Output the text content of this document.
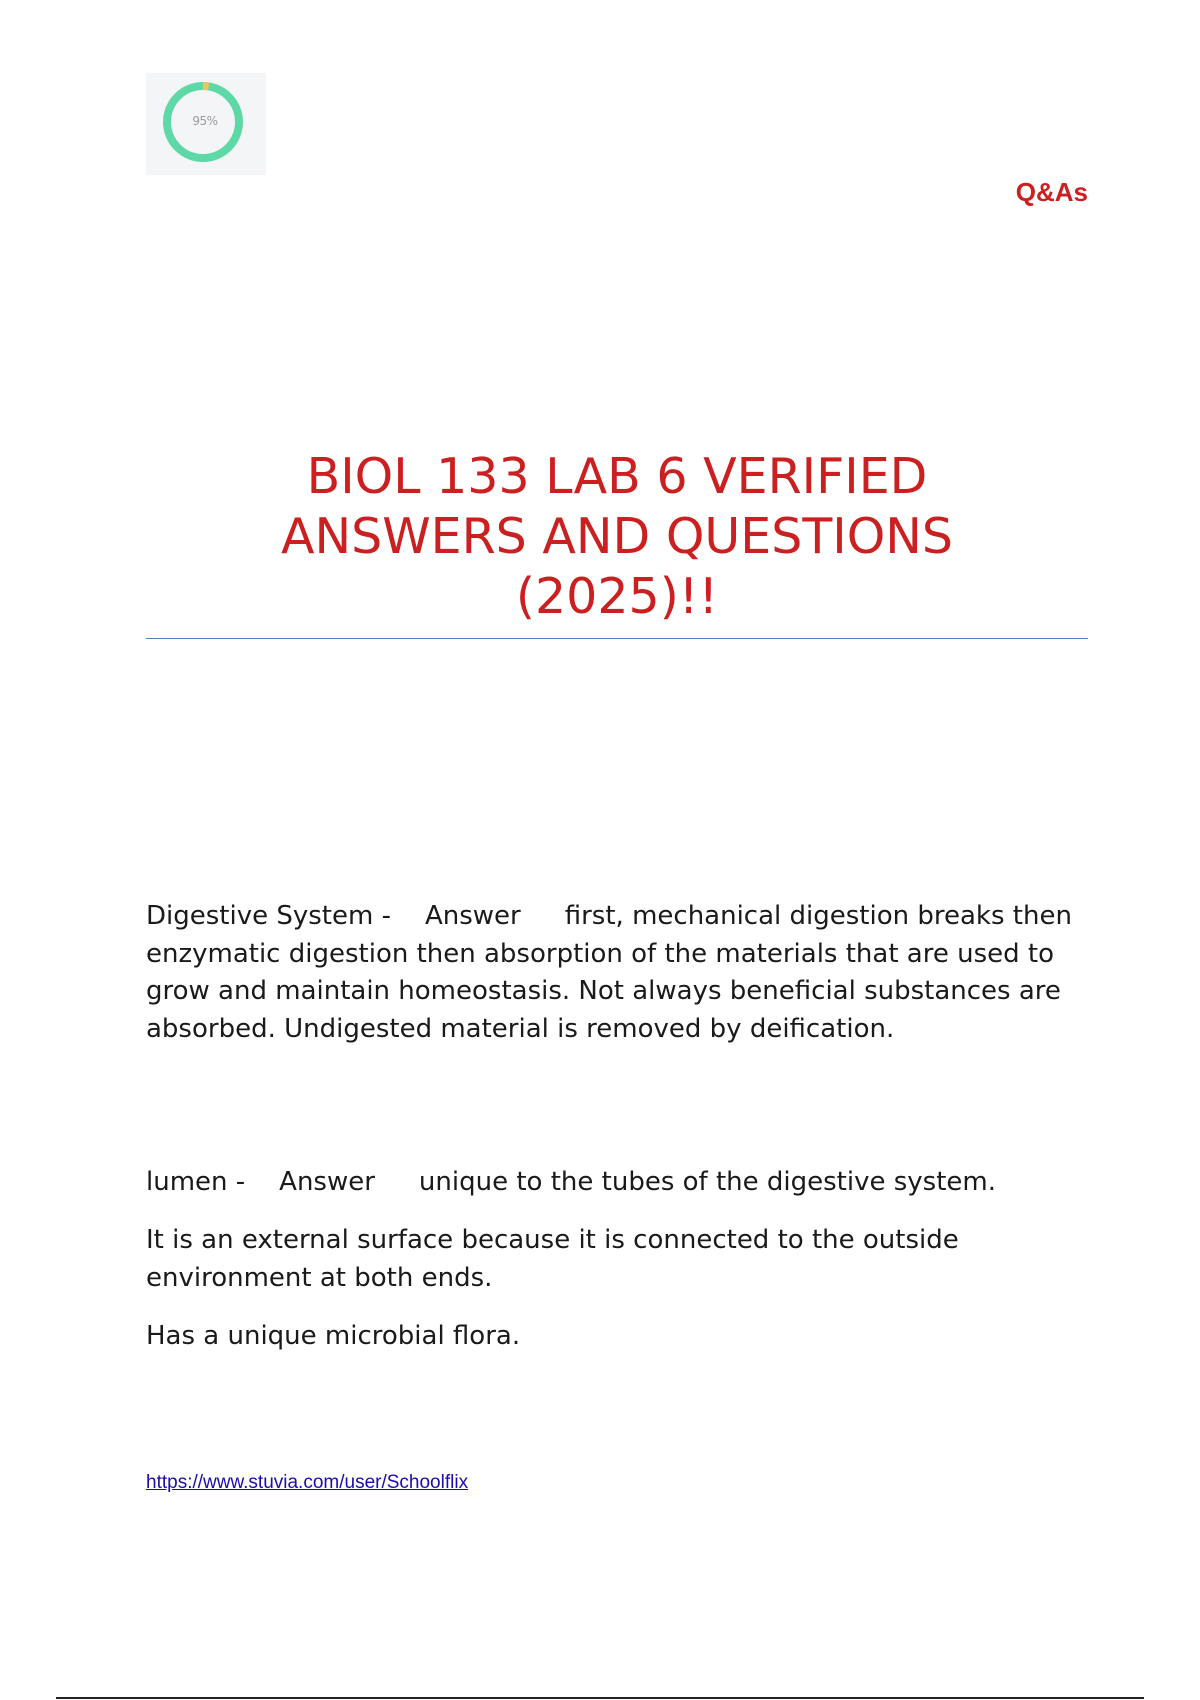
95%
Q&As
BIOL 133 LAB 6 VERIFIED
ANSWERS AND QUESTIONS
(2025)!!

Digestive System - Answer first, mechanical digestion breaks then enzymatic digestion then absorption of the materials that are used to grow and maintain homeostasis. Not always beneficial substances are absorbed. Undigested material is removed by deification.

lumen - Answer unique to the tubes of the digestive system.

It is an external surface because it is connected to the outside environment at both ends.

Has a unique microbial flora.

https://www.stuvia.com/user/Schoolflix
